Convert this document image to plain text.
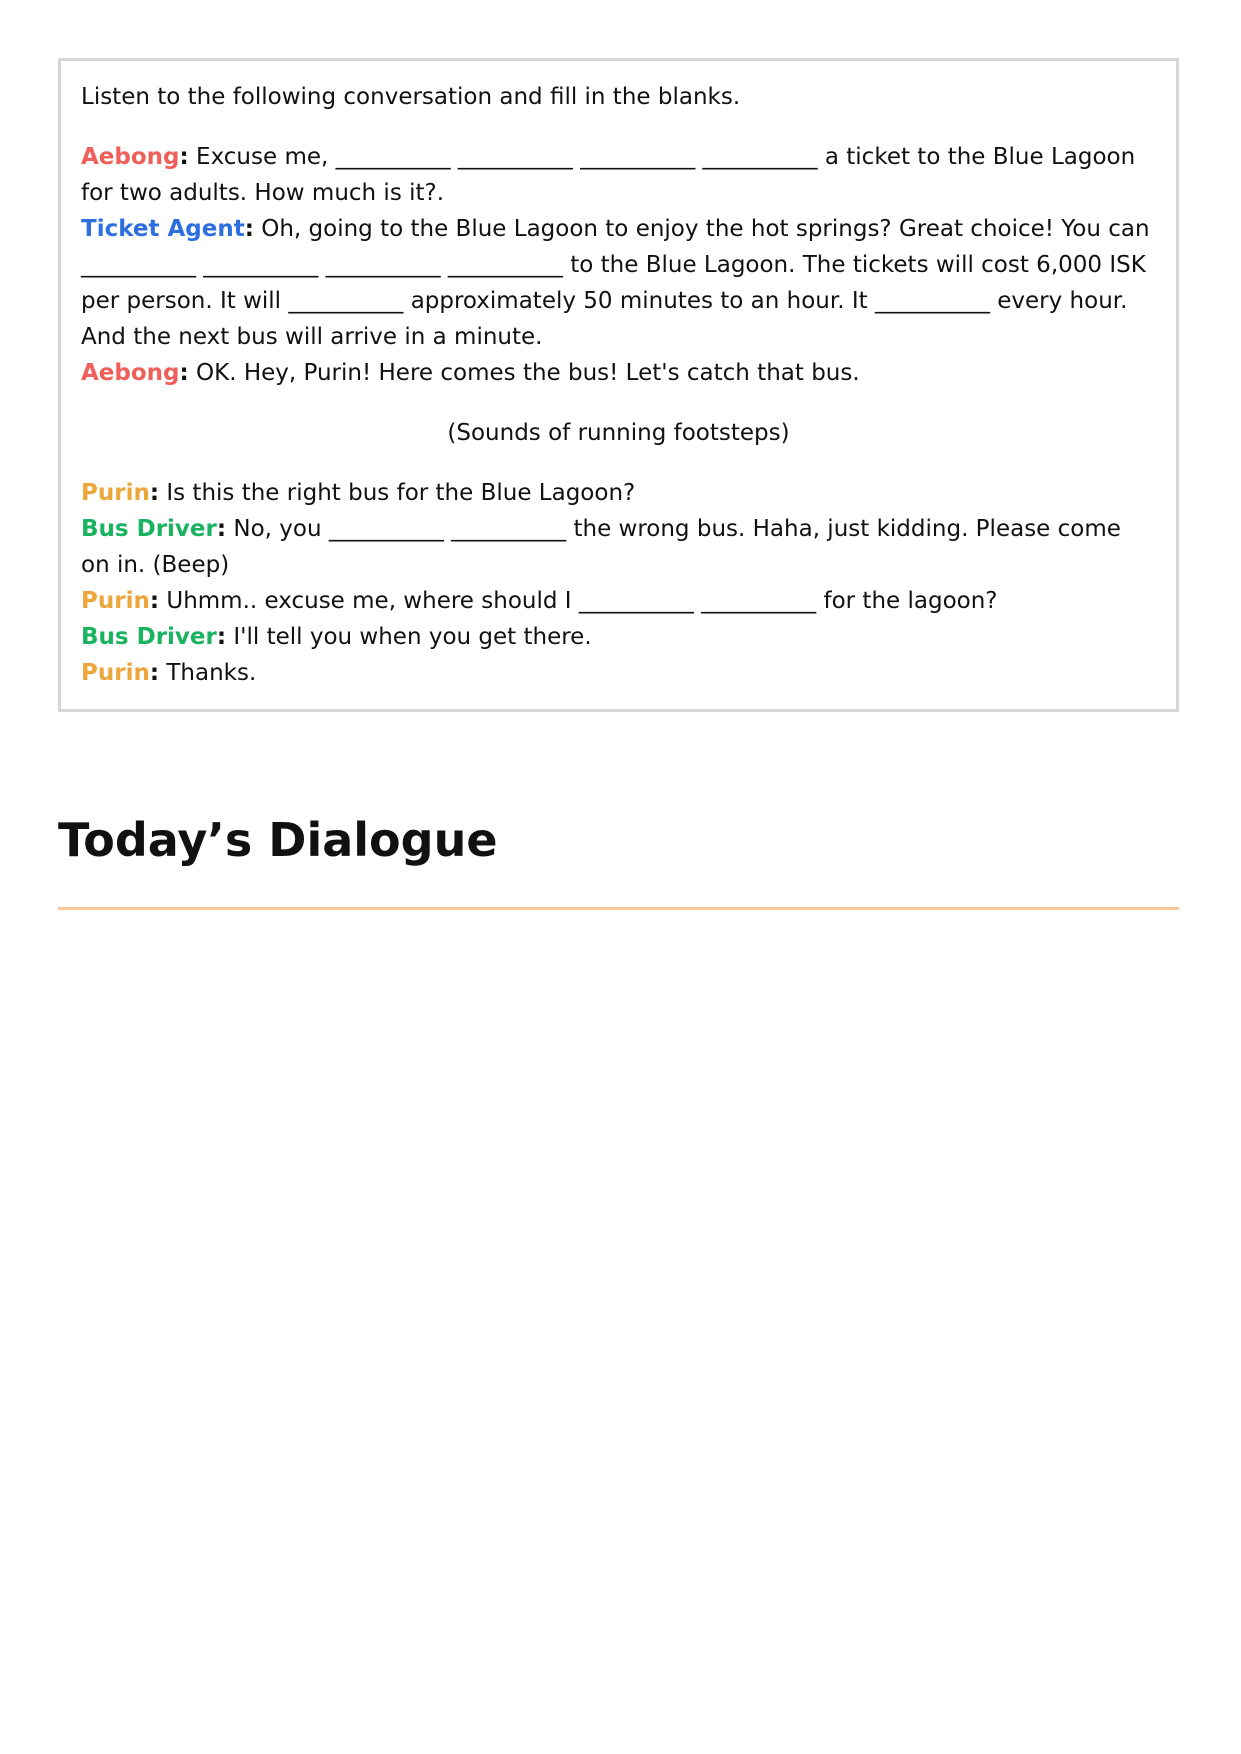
Listen to the following conversation and fill in the blanks.

Aebong: Excuse me, __________ __________ __________ __________ a ticket to the Blue Lagoon for two adults. How much is it?.

Ticket Agent: Oh, going to the Blue Lagoon to enjoy the hot springs? Great choice! You can __________ __________ __________ __________ to the Blue Lagoon. The tickets will cost 6,000 ISK per person. It will __________ approximately 50 minutes to an hour. It __________ every hour. And the next bus will arrive in a minute.

Aebong: OK. Hey, Purin! Here comes the bus! Let's catch that bus.

(Sounds of running footsteps)

Purin: Is this the right bus for the Blue Lagoon?

Bus Driver: No, you __________ __________ the wrong bus. Haha, just kidding. Please come on in. (Beep)

Purin: Uhmm.. excuse me, where should I __________ __________ for the lagoon?

Bus Driver: I'll tell you when you get there.

Purin: Thanks.

Today’s Dialogue
